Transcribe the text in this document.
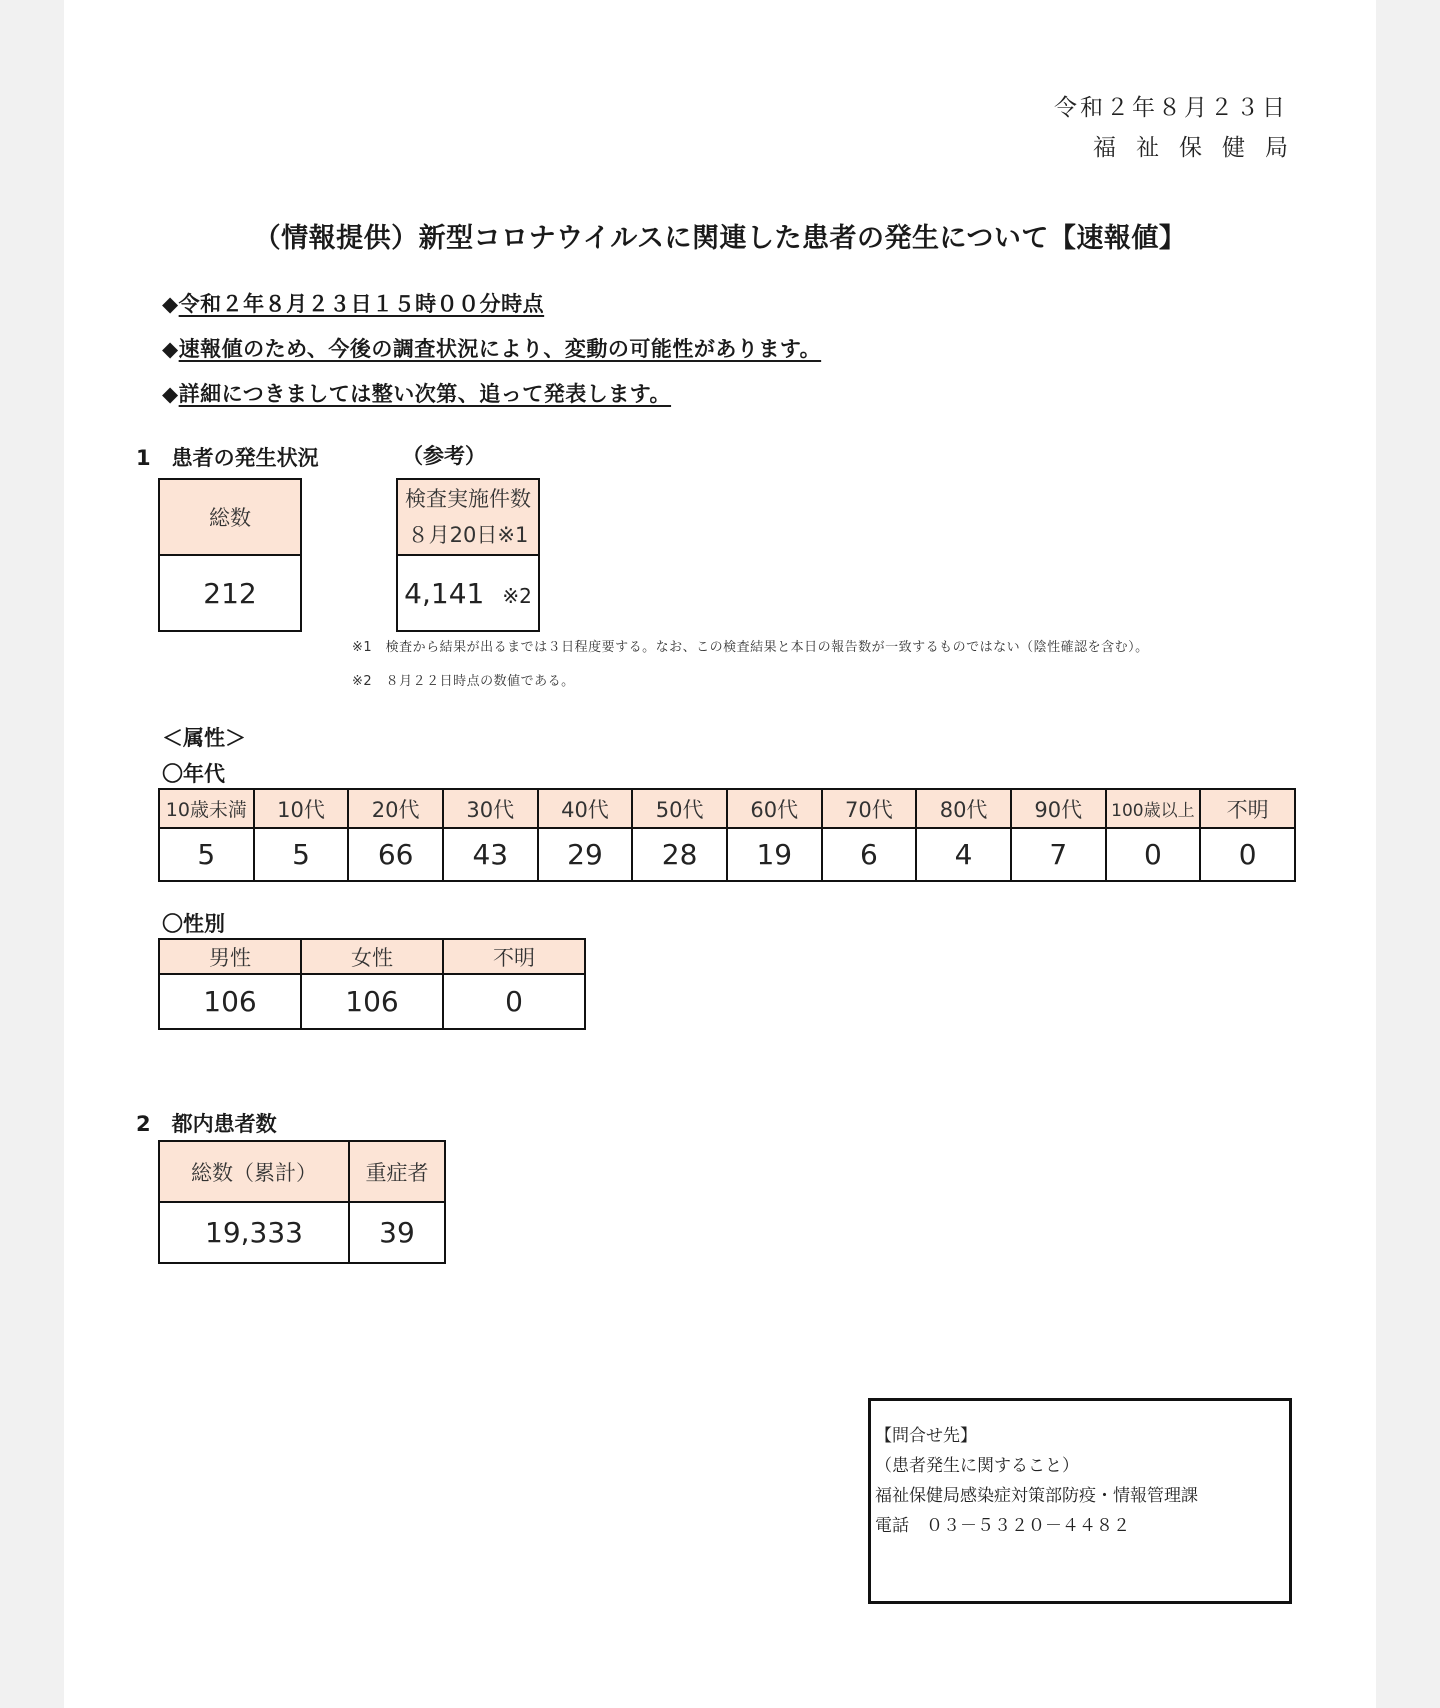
令和２年８月２３日
福祉保健局
（情報提供）新型コロナウイルスに関連した患者の発生について【速報値】
◆令和２年８月２３日１５時００分時点
◆速報値のため、今後の調査状況により、変動の可能性があります。
◆詳細につきましては整い次第、追って発表します。
1　患者の発生状況	（参考）
総数
212
検査実施件数
８月20日※1

4,141 ※2
※1　検査から結果が出るまでは３日程度要する。なお、この検査結果と本日の報告数が一致するものではない（陰性確認を含む）。
※2　８月２２日時点の数値である。
＜属性＞
〇年代
10歳未満	10代	20代	30代	40代	50代	60代	70代	80代	90代	100歳以上	不明
5	5	66	43	29	28	19	6	4	7	0	0
〇性別
男性	女性	不明
106	106	0
2　都内患者数
総数（累計）	重症者
19,333	39
【問合せ先】
（患者発生に関すること）
福祉保健局感染症対策部防疫・情報管理課
電話　０３－５３２０－４４８２
